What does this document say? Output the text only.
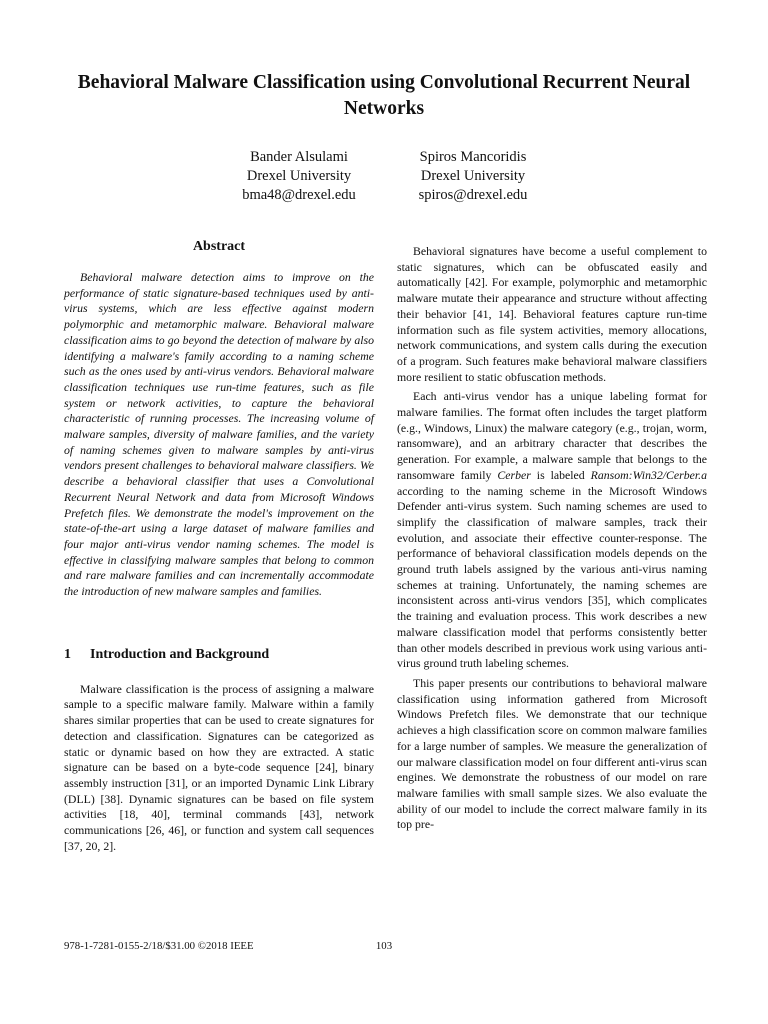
Behavioral Malware Classification using Convolutional Recurrent Neural Networks
Bander Alsulami
Drexel University
bma48@drexel.edu
Spiros Mancoridis
Drexel University
spiros@drexel.edu
Abstract

Behavioral malware detection aims to improve on the performance of static signature-based techniques used by anti-virus systems, which are less effective against modern polymorphic and metamorphic malware. Behavioral malware classification aims to go beyond the detection of malware by also identifying a malware's family according to a naming scheme such as the ones used by anti-virus vendors. Behavioral malware classification techniques use run-time features, such as file system or network activities, to capture the behavioral characteristic of running processes. The increasing volume of malware samples, diversity of malware families, and the variety of naming schemes given to malware samples by anti-virus vendors present challenges to behavioral malware classifiers. We describe a behavioral classifier that uses a Convolutional Recurrent Neural Network and data from Microsoft Windows Prefetch files. We demonstrate the model's improvement on the state-of-the-art using a large dataset of malware families and four major anti-virus vendor naming schemes. The model is effective in classifying malware samples that belong to common and rare malware families and can incrementally accommodate the introduction of new malware samples and families.

1 Introduction and Background

Malware classification is the process of assigning a malware sample to a specific malware family. Malware within a family shares similar properties that can be used to create signatures for detection and classification. Signatures can be categorized as static or dynamic based on how they are extracted. A static signature can be based on a byte-code sequence [24], binary assembly instruction [31], or an imported Dynamic Link Library (DLL) [38]. Dynamic signatures can be based on file system activities [18, 40], terminal commands [43], network communications [26, 46], or function and system call sequences [37, 20, 2].

Behavioral signatures have become a useful complement to static signatures, which can be obfuscated easily and automatically [42]. For example, polymorphic and metamorphic malware mutate their appearance and structure without affecting their behavior [41, 14]. Behavioral features capture run-time information such as file system activities, memory allocations, network communications, and system calls during the execution of a program. Such features make behavioral malware classifiers more resilient to static obfuscation methods.

Each anti-virus vendor has a unique labeling format for malware families. The format often includes the target platform (e.g., Windows, Linux) the malware category (e.g., trojan, worm, ransomware), and an arbitrary character that describes the generation. For example, a malware sample that belongs to the ransomware family Cerber is labeled Ransom:Win32/Cerber.a according to the naming scheme in the Microsoft Windows Defender anti-virus system. Such naming schemes are used to simplify the classification of malware samples, track their evolution, and associate their effective counter-response. The performance of behavioral classification models depends on the ground truth labels assigned by the various anti-virus naming schemes at training. Unfortunately, the naming schemes are inconsistent across anti-virus vendors [35], which complicates the training and evaluation process. This work describes a new malware classification model that performs consistently better than other models described in previous work using various anti-virus ground truth labeling schemes.

This paper presents our contributions to behavioral malware classification using information gathered from Microsoft Windows Prefetch files. We demonstrate that our technique achieves a high classification score on common malware families for a large number of samples. We measure the generalization of our malware classification model on four different anti-virus scan engines. We demonstrate the robustness of our model on rare malware families with small sample sizes. We also evaluate the ability of our model to include the correct malware family in its top pre-

978-1-7281-0155-2/18/$31.00 ©2018 IEEE	103
